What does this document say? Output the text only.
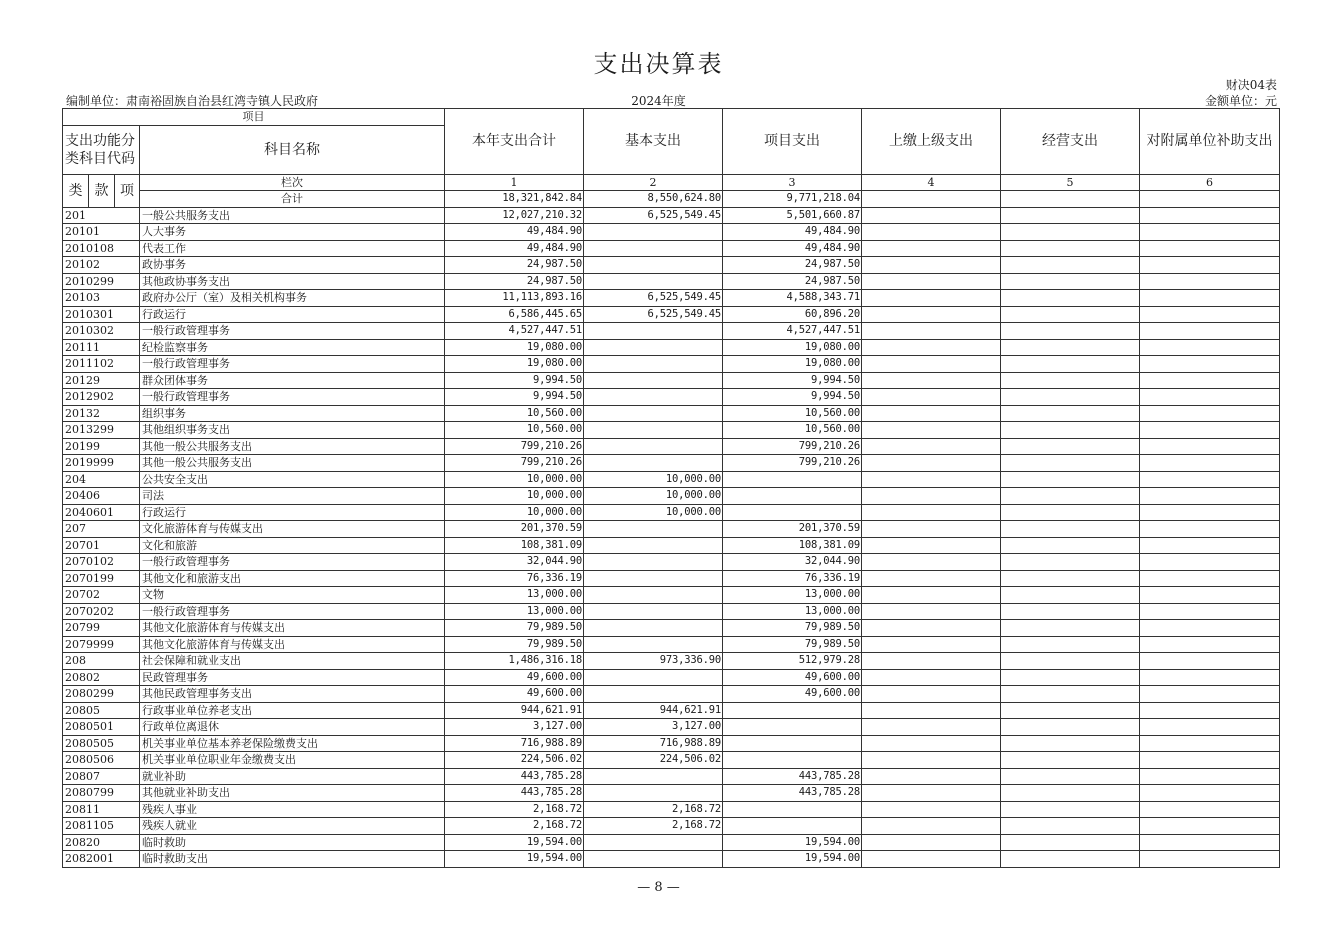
支出决算表
财决04表
编制单位：肃南裕固族自治县红湾寺镇人民政府	2024年度	金额单位：元
项目				本年支出合计	基本支出	项目支出	上缴上级支出	经营支出	对附属单位补助支出
支出功能分类科目代码			科目名称						
类	款	项	栏次	1	2	3	4	5	6
			合计	18,321,842.84	8,550,624.80	9,771,218.04			
201			一般公共服务支出	12,027,210.32	6,525,549.45	5,501,660.87			
20101			人大事务	49,484.90		49,484.90			
2010108			代表工作	49,484.90		49,484.90			
20102			政协事务	24,987.50		24,987.50			
2010299			其他政协事务支出	24,987.50		24,987.50			
20103			政府办公厅（室）及相关机构事务	11,113,893.16	6,525,549.45	4,588,343.71			
2010301			行政运行	6,586,445.65	6,525,549.45	60,896.20			
2010302			一般行政管理事务	4,527,447.51		4,527,447.51			
20111			纪检监察事务	19,080.00		19,080.00			
2011102			一般行政管理事务	19,080.00		19,080.00			
20129			群众团体事务	9,994.50		9,994.50			
2012902			一般行政管理事务	9,994.50		9,994.50			
20132			组织事务	10,560.00		10,560.00			
2013299			其他组织事务支出	10,560.00		10,560.00			
20199			其他一般公共服务支出	799,210.26		799,210.26			
2019999			其他一般公共服务支出	799,210.26		799,210.26			
204			公共安全支出	10,000.00	10,000.00				
20406			司法	10,000.00	10,000.00				
2040601			行政运行	10,000.00	10,000.00				
207			文化旅游体育与传媒支出	201,370.59		201,370.59			
20701			文化和旅游	108,381.09		108,381.09			
2070102			一般行政管理事务	32,044.90		32,044.90			
2070199			其他文化和旅游支出	76,336.19		76,336.19			
20702			文物	13,000.00		13,000.00			
2070202			一般行政管理事务	13,000.00		13,000.00			
20799			其他文化旅游体育与传媒支出	79,989.50		79,989.50			
2079999			其他文化旅游体育与传媒支出	79,989.50		79,989.50			
208			社会保障和就业支出	1,486,316.18	973,336.90	512,979.28			
20802			民政管理事务	49,600.00		49,600.00			
2080299			其他民政管理事务支出	49,600.00		49,600.00			
20805			行政事业单位养老支出	944,621.91	944,621.91				
2080501			行政单位离退休	3,127.00	3,127.00				
2080505			机关事业单位基本养老保险缴费支出	716,988.89	716,988.89				
2080506			机关事业单位职业年金缴费支出	224,506.02	224,506.02				
20807			就业补助	443,785.28		443,785.28			
2080799			其他就业补助支出	443,785.28		443,785.28			
20811			残疾人事业	2,168.72	2,168.72				
2081105			残疾人就业	2,168.72	2,168.72				
20820			临时救助	19,594.00		19,594.00			
2082001			临时救助支出	19,594.00		19,594.00			
— 8 —
